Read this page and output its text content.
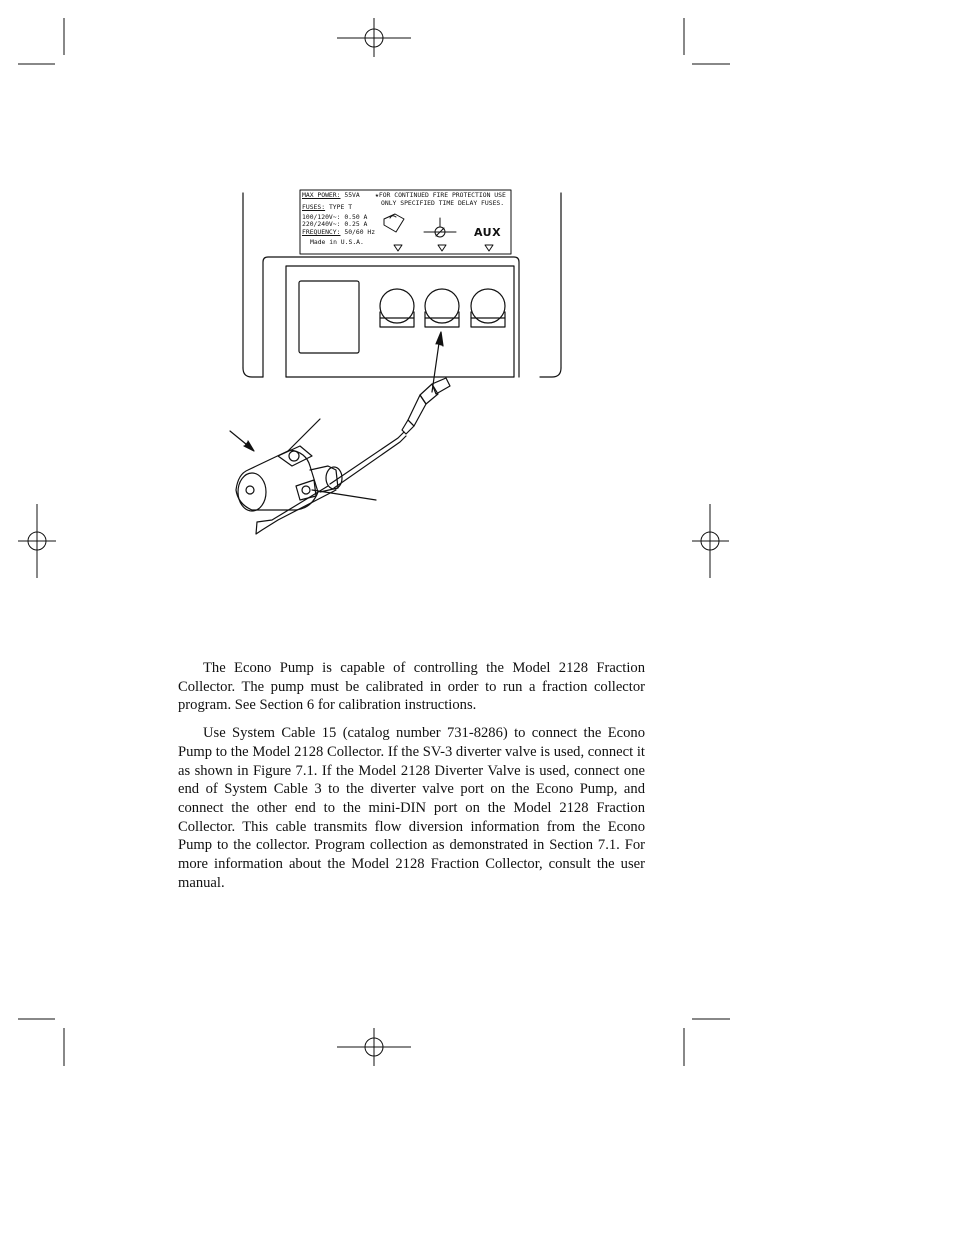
MAX POWER: 55VA
FUSES: TYPE T
100/120V~: 0.50 A
220/240V~: 0.25 A
FREQUENCY: 50/60 Hz
Made in U.S.A.
★FOR CONTINUED FIRE PROTECTION USE
ONLY SPECIFIED TIME DELAY FUSES.
AUX

The Econo Pump is capable of controlling the Model 2128 Fraction Collector. The pump must be calibrated in order to run a fraction collector program. See Section 6 for calibration instructions.

Use System Cable 15 (catalog number 731-8286) to connect the Econo Pump to the Model 2128 Collector. If the SV-3 diverter valve is used, connect it as shown in Figure 7.1. If the Model 2128 Diverter Valve is used, connect one end of System Cable 3 to the diverter valve port on the Econo Pump, and connect the other end to the mini-DIN port on the Model 2128 Fraction Collector. This cable transmits flow diversion information from the Econo Pump to the collector. Program collection as demonstrated in Section 7.1. For more information about the Model 2128 Fraction Collector, consult the user manual.
